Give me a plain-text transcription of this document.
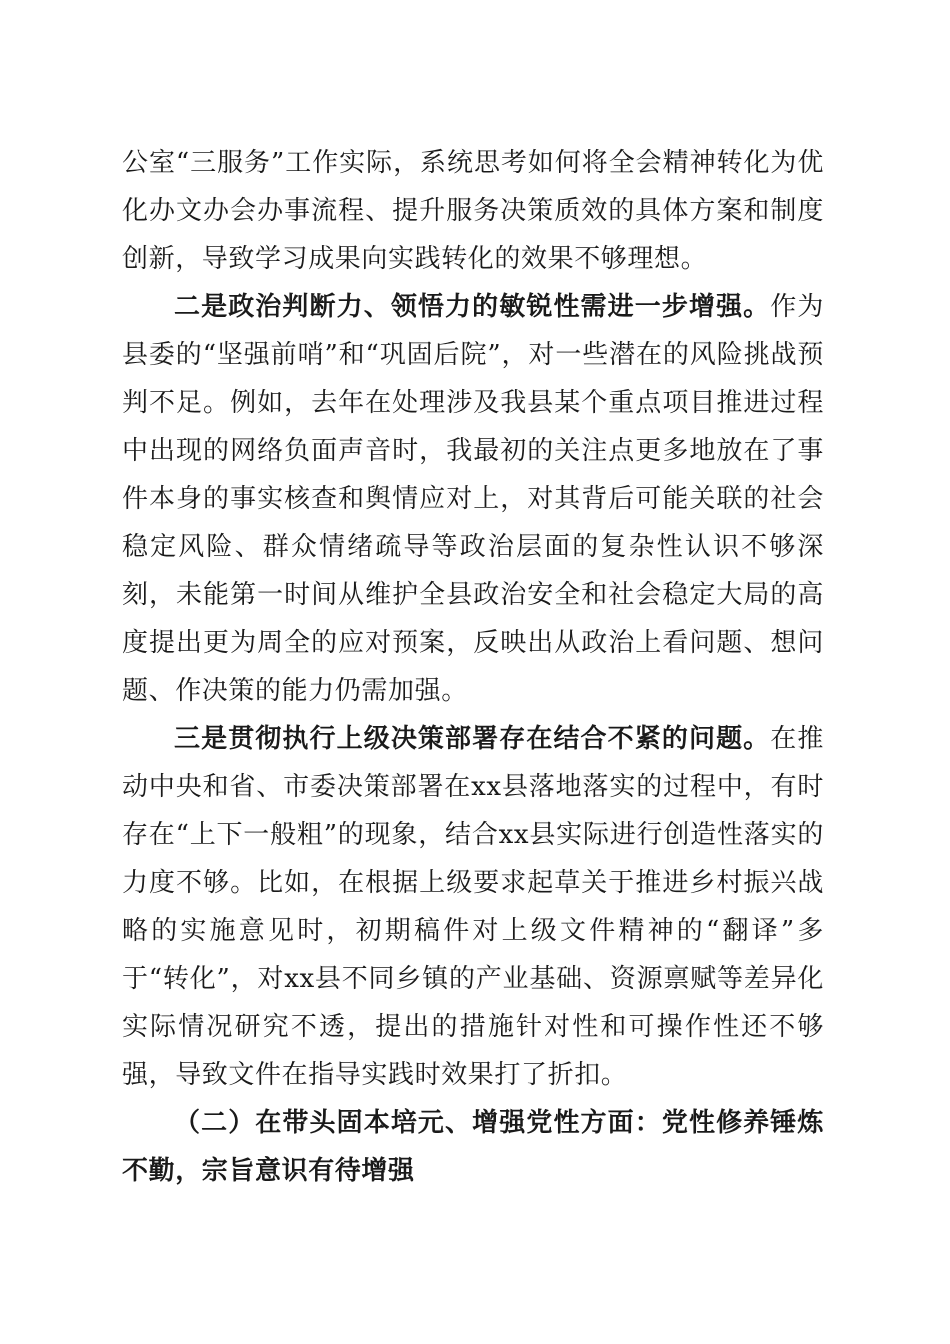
公室“三服务”工作实际，系统思考如何将全会精神转化为优化办文办会办事流程、提升服务决策质效的具体方案和制度创新，导致学习成果向实践转化的效果不够理想。

二是政治判断力、领悟力的敏锐性需进一步增强。作为县委的“坚强前哨”和“巩固后院”，对一些潜在的风险挑战预判不足。例如，去年在处理涉及我县某个重点项目推进过程中出现的网络负面声音时，我最初的关注点更多地放在了事件本身的事实核查和舆情应对上，对其背后可能关联的社会稳定风险、群众情绪疏导等政治层面的复杂性认识不够深刻，未能第一时间从维护全县政治安全和社会稳定大局的高度提出更为周全的应对预案，反映出从政治上看问题、想问题、作决策的能力仍需加强。

三是贯彻执行上级决策部署存在结合不紧的问题。在推动中央和省、市委决策部署在xx县落地落实的过程中，有时存在“上下一般粗”的现象，结合xx县实际进行创造性落实的力度不够。比如，在根据上级要求起草关于推进乡村振兴战略的实施意见时，初期稿件对上级文件精神的“翻译”多于“转化”，对xx县不同乡镇的产业基础、资源禀赋等差异化实际情况研究不透，提出的措施针对性和可操作性还不够强，导致文件在指导实践时效果打了折扣。

（二）在带头固本培元、增强党性方面：党性修养锤炼不勤，宗旨意识有待增强
